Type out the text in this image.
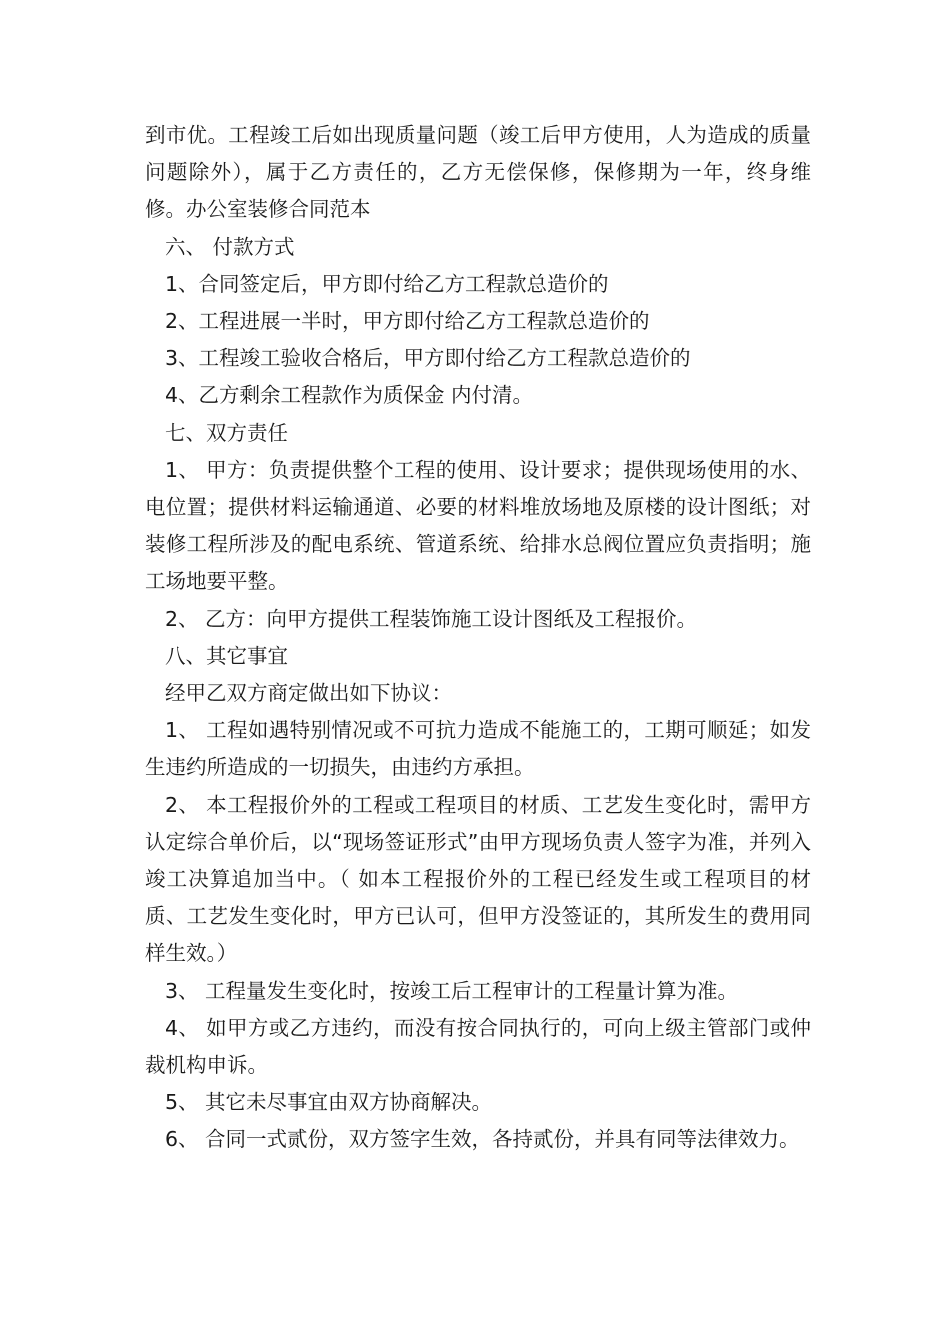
到市优。工程竣工后如出现质量问题（竣工后甲方使用，人为造成的质量问题除外），属于乙方责任的，乙方无偿保修，保修期为一年，终身维修。办公室装修合同范本

六、 付款方式

1、合同签定后，甲方即付给乙方工程款总造价的

2、工程进展一半时，甲方即付给乙方工程款总造价的

3、工程竣工验收合格后，甲方即付给乙方工程款总造价的

4、乙方剩余工程款作为质保金 内付清。

七、双方责任

1、 甲方：负责提供整个工程的使用、设计要求；提供现场使用的水、电位置；提供材料运输通道、必要的材料堆放场地及原楼的设计图纸；对装修工程所涉及的配电系统、管道系统、给排水总阀位置应负责指明；施工场地要平整。

2、 乙方：向甲方提供工程装饰施工设计图纸及工程报价。

八、其它事宜

经甲乙双方商定做出如下协议：

1、 工程如遇特别情况或不可抗力造成不能施工的，工期可顺延；如发生违约所造成的一切损失，由违约方承担。

2、 本工程报价外的工程或工程项目的材质、工艺发生变化时，需甲方认定综合单价后，以“现场签证形式”由甲方现场负责人签字为准，并列入竣工决算追加当中。（ 如本工程报价外的工程已经发生或工程项目的材质、工艺发生变化时，甲方已认可，但甲方没签证的，其所发生的费用同样生效。）

3、 工程量发生变化时，按竣工后工程审计的工程量计算为准。

4、 如甲方或乙方违约，而没有按合同执行的，可向上级主管部门或仲裁机构申诉。

5、 其它未尽事宜由双方协商解决。

6、 合同一式贰份，双方签字生效，各持贰份，并具有同等法律效力。
